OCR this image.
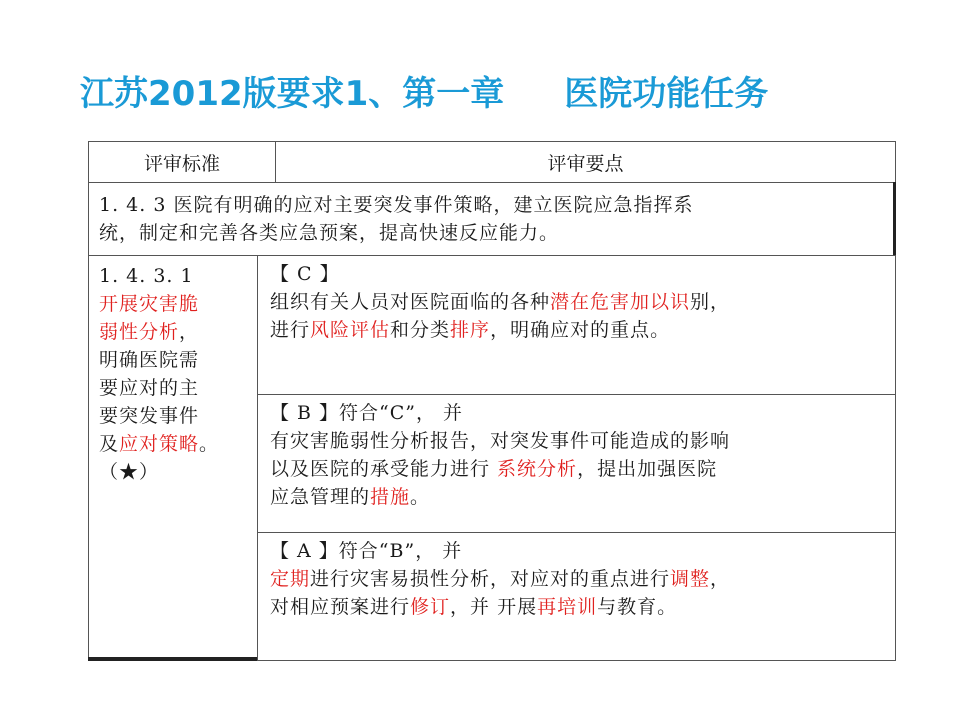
江苏2012版要求1、第一章 医院功能任务
评审标准	评审要点
1. 4. 3 医院有明确的应对主要突发事件策略，建立医院应急指挥系
统，制定和完善各类应急预案，提高快速反应能力。
1. 4. 3. 1
开展灾害脆
弱性分析，
明确医院需
要应对的主
要突发事件
及应对策略。
（★）
【 C 】
组织有关人员对医院面临的各种潜在危害加以识别，
进行风险评估和分类排序，明确应对的重点。
【 B 】符合“C”， 并
有灾害脆弱性分析报告，对突发事件可能造成的影响
以及医院的承受能力进行 系统分析，提出加强医院
应急管理的措施。
【 A 】符合“B”， 并
定期进行灾害易损性分析，对应对的重点进行调整，
对相应预案进行修订，并 开展再培训与教育。
